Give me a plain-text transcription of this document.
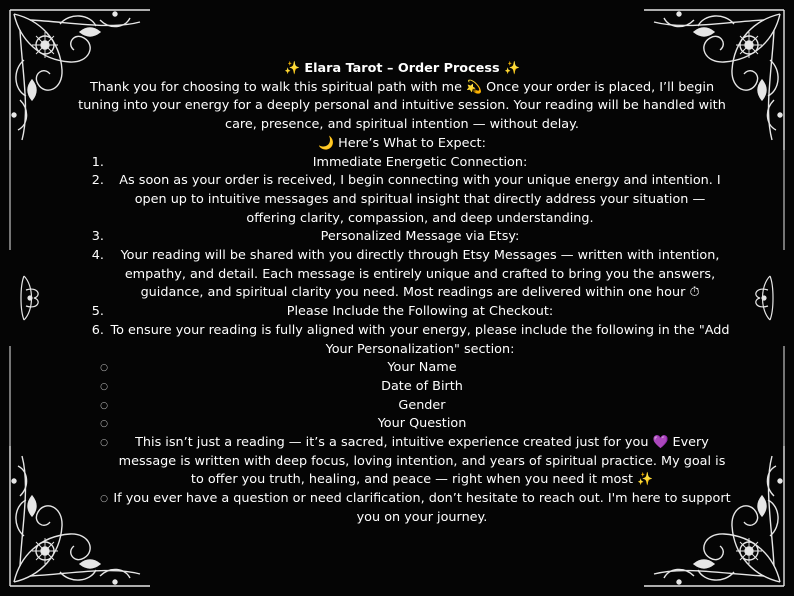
✨ Elara Tarot – Order Process ✨

Thank you for choosing to walk this spiritual path with me 💫 Once your order is placed, I’ll begin tuning into your energy for a deeply personal and intuitive session. Your reading will be handled with care, presence, and spiritual intention — without delay.

🌙 Here’s What to Expect:

1.	Immediate Energetic Connection:
2.	As soon as your order is received, I begin connecting with your unique energy and intention. I open up to intuitive messages and spiritual insight that directly address your situation — offering clarity, compassion, and deep understanding.
3.	Personalized Message via Etsy:
4.	Your reading will be shared with you directly through Etsy Messages — written with intention, empathy, and detail. Each message is entirely unique and crafted to bring you the answers, guidance, and spiritual clarity you need. Most readings are delivered within one hour ⏱
5.	Please Include the Following at Checkout:
6. To ensure your reading is fully aligned with your energy, please include the following in the "Add Your Personalization" section:
○	Your Name
○	Date of Birth
○	Gender
○	Your Question
○	This isn’t just a reading — it’s a sacred, intuitive experience created just for you 💜 Every message is written with deep focus, loving intention, and years of spiritual practice. My goal is to offer you truth, healing, and peace — right when you need it most ✨
○ If you ever have a question or need clarification, don’t hesitate to reach out. I'm here to support you on your journey.
